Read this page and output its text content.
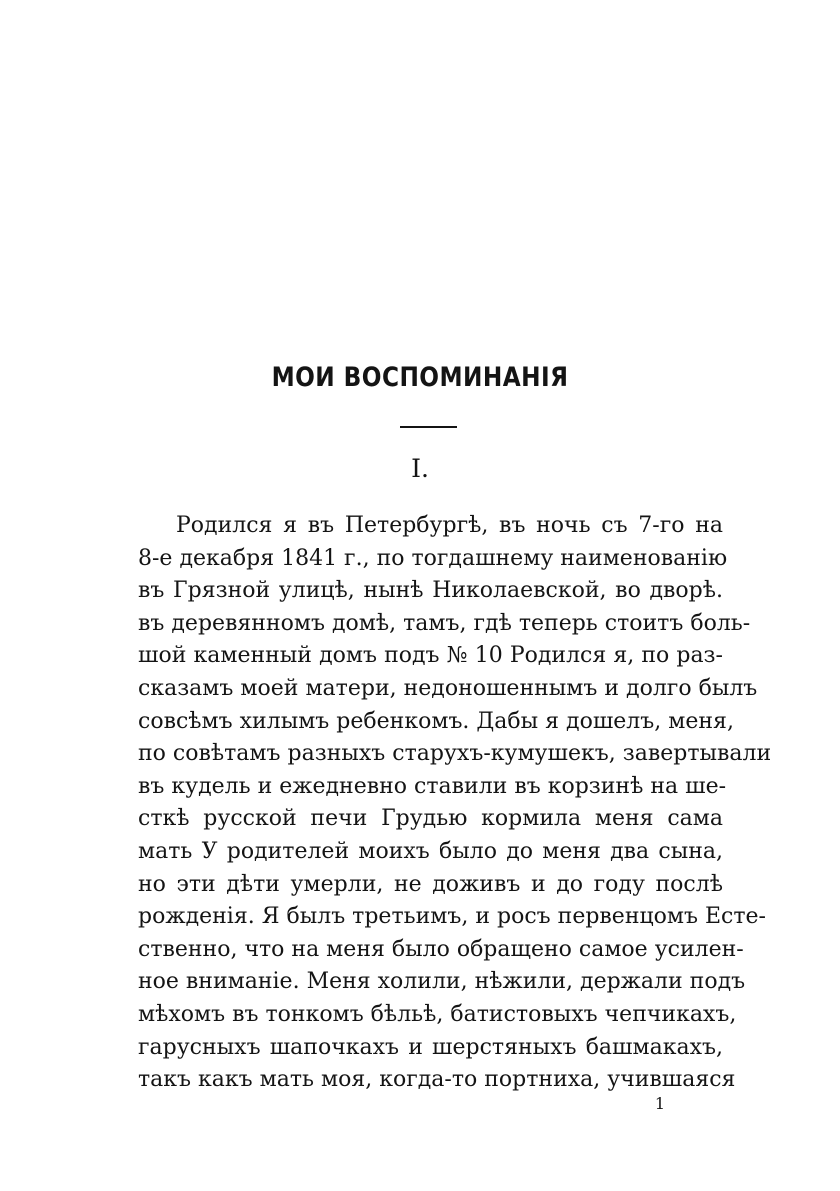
МОИ ВОСПОМИНАНІЯ
I.
Родился я въ Петербургѣ, въ ночь съ 7-го на
8-е декабря 1841 г., по тогдашнему наименованію
въ Грязной улицѣ, нынѣ Николаевской, во дворѣ.
въ деревянномъ домѣ, тамъ, гдѣ теперь стоитъ боль-
шой каменный домъ подъ № 10 Родился я, по раз-
сказамъ моей матери, недоношеннымъ и долго былъ
совсѣмъ хилымъ ребенкомъ. Дабы я дошелъ, меня,
по совѣтамъ разныхъ старухъ-кумушекъ, завертывали
въ кудель и ежедневно ставили въ корзинѣ на ше-
сткѣ русской печи Грудью кормила меня сама
мать У родителей моихъ было до меня два сына,
но эти дѣти умерли, не доживъ и до году послѣ
рожденія. Я былъ третьимъ, и росъ первенцомъ Есте-
ственно, что на меня было обращено самое усилен-
ное вниманіе. Меня холили, нѣжили, держали подъ
мѣхомъ въ тонкомъ бѣльѣ, батистовыхъ чепчикахъ,
гарусныхъ шапочкахъ и шерстяныхъ башмакахъ,
такъ какъ мать моя, когда-то портниха, учившаяся
1
